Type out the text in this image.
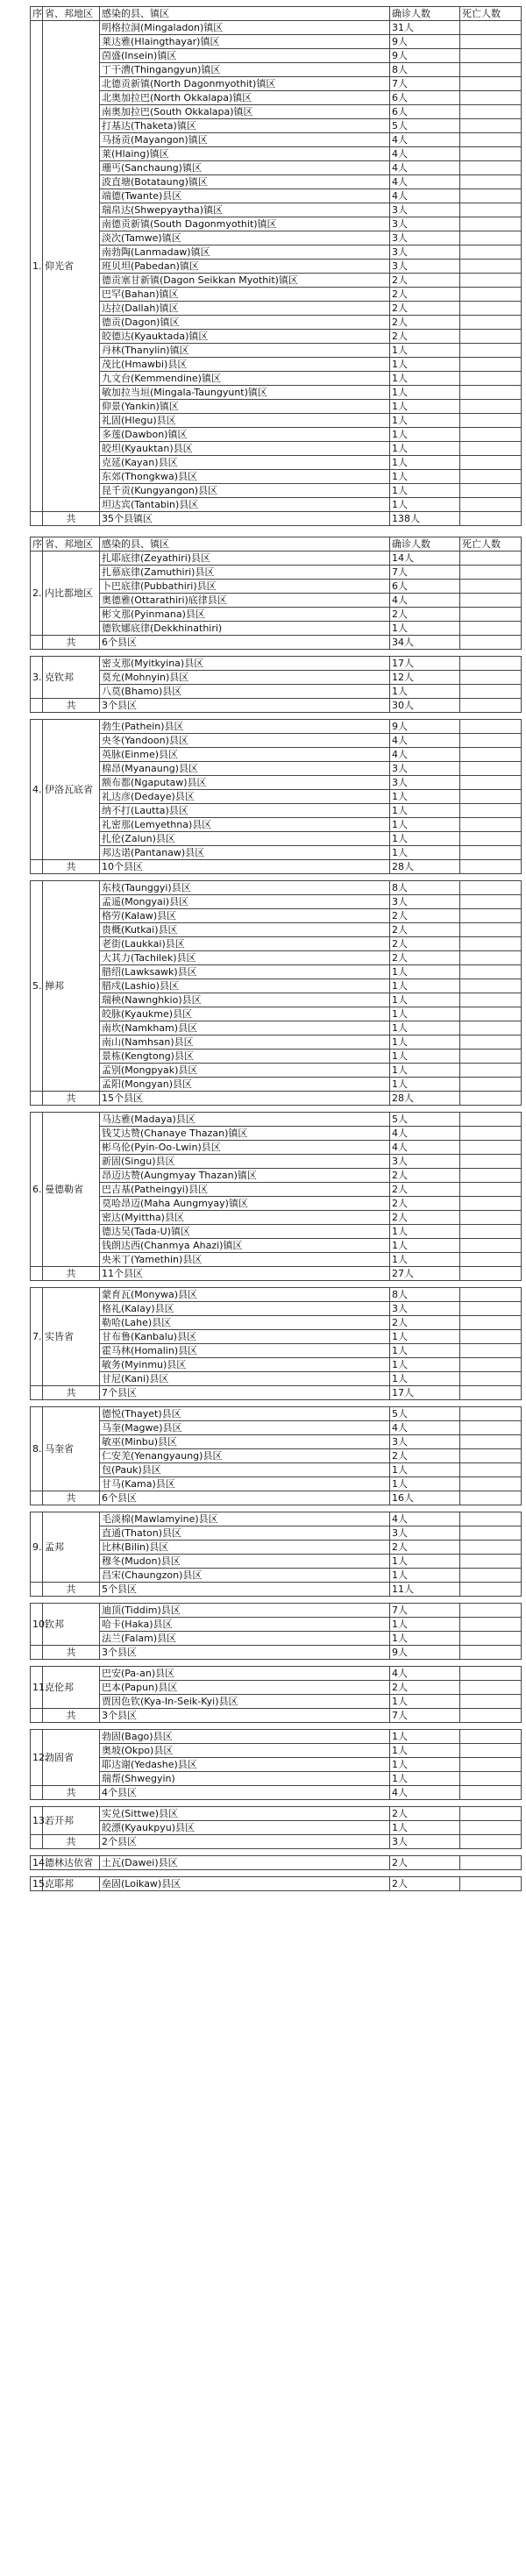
序	省、邦地区	感染的县、镇区	确诊人数	死亡人数
1.	仰光省	明格拉洞(Mingaladon)镇区	31人	
		莱达雅(Hlaingthayar)镇区	9人	
		茵盛(Insein)镇区	9人	
		丁干漕(Thingangyun)镇区	8人	
		北德贡新镇(North Dagonmyothit)镇区	7人	
		北奥加拉巴(North Okkalapa)镇区	6人	
		南奥加拉巴(South Okkalapa)镇区	6人	
		打基达(Thaketa)镇区	5人	
		马扬贡(Mayangon)镇区	4人	
		莱(Hlaing)镇区	4人	
		珊丐(Sanchaung)镇区	4人	
		波直塘(Botataung)镇区	4人	
		端德(Twante)县区	4人	
		瑞帛达(Shwepyaytha)镇区	3人	
		南德贡新镇(South Dagonmyothit)镇区	3人	
		淡次(Tamwe)镇区	3人	
		南勃陶(Lanmadaw)镇区	3人	
		班贝坦(Pabedan)镇区	3人	
		德贡塞甘新镇(Dagon Seikkan Myothit)镇区	2人	
		巴罕(Bahan)镇区	2人	
		达拉(Dallah)镇区	2人	
		德贡(Dagon)镇区	2人	
		皎德达(Kyauktada)镇区	2人	
		丹林(Thanylin)镇区	1人	
		茂比(Hmawbi)县区	1人	
		九文台(Kemmendine)镇区	1人	
		敏加拉当垣(Mingala-Taungyunt)镇区	1人	
		仰景(Yankin)镇区	1人	
		礼固(Hlegu)县区	1人	
		多莲(Dawbon)镇区	1人	
		皎坦(Kyauktan)县区	1人	
		克延(Kayan)县区	1人	
		东郊(Thongkwa)县区	1人	
		昆千贡(Kungyangon)县区	1人	
		坦达宾(Tantabin)县区	1人	
	共	35个县镇区	138人	
序	省、邦地区	感染的县、镇区	确诊人数	死亡人数
2.	内比都地区	扎耶底律(Zeyathiri)县区	14人	
		扎慕底律(Zamuthiri)县区	7人	
		卜巴底律(Pubbathiri)县区	6人	
		奥德雅(Ottarathiri)底律县区	4人	
		彬文那(Pyinmana)县区	2人	
		德钦娜底律(Dekkhinathiri)	1人	
	共	6个县区	34人	
3.	克钦邦	密支那(Myitkyina)县区	17人	
		莫允(Mohnyin)县区	12人	
		八莫(Bhamo)县区	1人	
	共	3个县区	30人	
4.	伊洛瓦底省	勃生(Pathein)县区	9人	
		央冬(Yandoon)县区	4人	
		英脉(Einme)县区	4人	
		棉昂(Myanaung)县区	3人	
		额布都(Ngaputaw)县区	3人	
		礼达彦(Dedaye)县区	1人	
		纳不打(Lautta)县区	1人	
		礼密那(Lemyethna)县区	1人	
		扎伦(Zalun)县区	1人	
		邦达诺(Pantanaw)县区	1人	
	共	10个县区	28人	
5.	掸邦	东枝(Taunggyi)县区	8人	
		孟遥(Mongyai)县区	3人	
		格劳(Kalaw)县区	2人	
		贵概(Kutkai)县区	2人	
		老街(Laukkai)县区	2人	
		大其力(Tachilek)县区	2人	
		腊绍(Lawksawk)县区	1人	
		腊戍(Lashio)县区	1人	
		瑞秧(Nawnghkio)县区	1人	
		皎脉(Kyaukme)县区	1人	
		南坎(Namkham)县区	1人	
		南山(Namhsan)县区	1人	
		景栋(Kengtong)县区	1人	
		孟别(Mongpyak)县区	1人	
		孟阳(Mongyan)县区	1人	
	共	15个县区	28人	
6.	曼德勒省	马达雅(Madaya)县区	5人	
		钱艾达赞(Chanaye Thazan)镇区	4人	
		彬乌伦(Pyin-Oo-Lwin)县区	4人	
		新固(Singu)县区	3人	
		昂迈达赞(Aungmyay Thazan)镇区	2人	
		巴吉基(Patheingyi)县区	2人	
		莫哈昂迈(Maha Aungmyay)镇区	2人	
		密达(Myittha)县区	2人	
		德达吴(Tada-U)镇区	1人	
		钱朗达西(Chanmya Ahazi)镇区	1人	
		央米丁(Yamethin)县区	1人	
	共	11个县区	27人	
7.	实皆省	蒙育瓦(Monywa)县区	8人	
		格礼(Kalay)县区	3人	
		勒哈(Lahe)县区	2人	
		甘布鲁(Kanbalu)县区	1人	
		霍马林(Homalin)县区	1人	
		敏务(Myinmu)县区	1人	
		甘尼(Kani)县区	1人	
	共	7个县区	17人	
8.	马奎省	德悦(Thayet)县区	5人	
		马奎(Magwe)县区	4人	
		敏巫(Minbu)县区	3人	
		仁安羌(Yenangyaung)县区	2人	
		包(Pauk)县区	1人	
		甘马(Kama)县区	1人	
	共	6个县区	16人	
9.	孟邦	毛淡棉(Mawlamyine)县区	4人	
		直通(Thaton)县区	3人	
		比林(Bilin)县区	2人	
		穆冬(Mudon)县区	1人	
		昌宋(Chaungzon)县区	1人	
	共	5个县区	11人	
10.	钦邦	迪顶(Tiddim)县区	7人	
		哈卡(Haka)县区	1人	
		法兰(Falam)县区	1人	
	共	3个县区	9人	
11.	克伦邦	巴安(Pa-an)县区	4人	
		巴本(Papun)县区	2人	
		贾因色钦(Kya-In-Seik-Kyi)县区	1人	
	共	3个县区	7人	
12.	勃固省	勃固(Bago)县区	1人	
		奥坡(Okpo)县区	1人	
		耶达谢(Yedashe)县区	1人	
		瑞帮(Shwegyin)	1人	
	共	4个县区	4人	
13.	若开邦	实兑(Sittwe)县区	2人	
		皎漂(Kyaukpyu)县区	1人	
	共	2个县区	3人	
14.	德林达依省	土瓦(Dawei)县区	2人	
15.	克耶邦	垒固(Loikaw)县区	2人	
